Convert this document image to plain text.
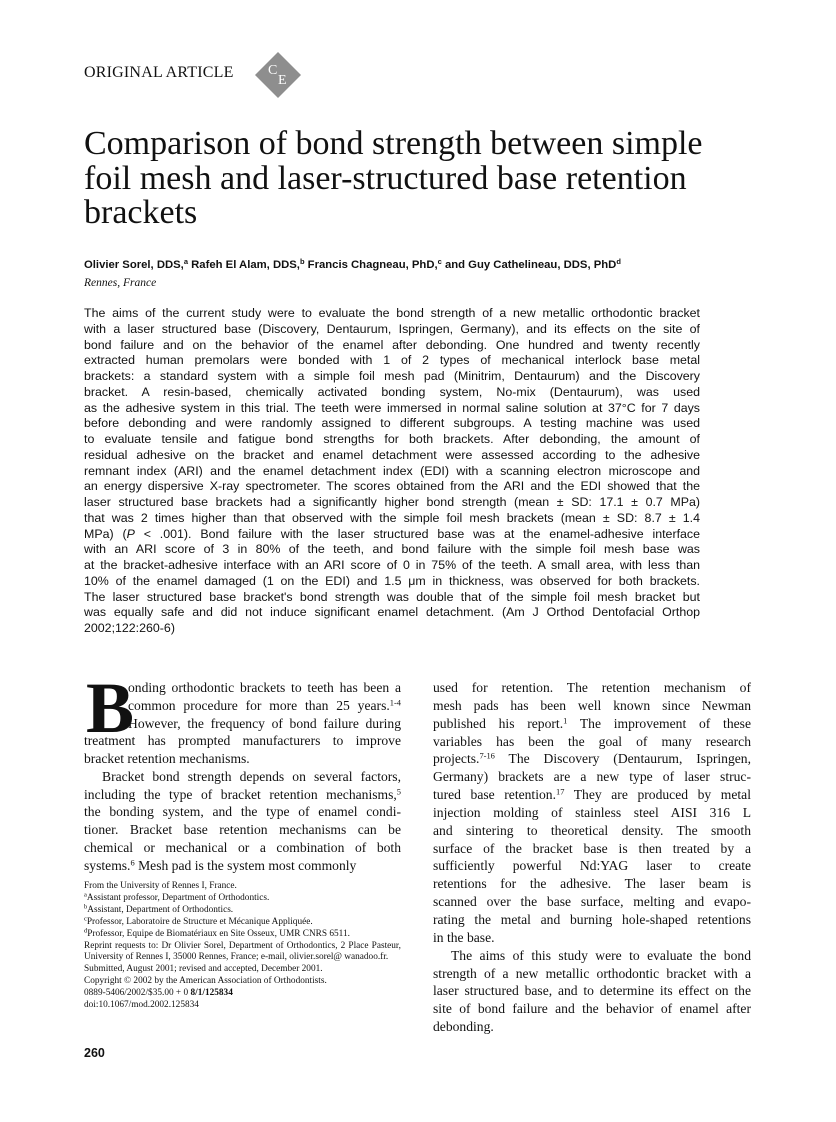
ORIGINAL ARTICLE C
E
Comparison of bond strength between simple
foil mesh and laser-structured base retention
brackets
Olivier Sorel, DDS,$^a$ Rafeh El Alam, DDS,$^b$ Francis Chagneau, PhD,$^c$ and Guy Cathelineau, DDS, PhD$^d$
Rennes, France
The aims of the current study were to evaluate the bond strength of a new metallic orthodontic bracket
with a laser structured base (Discovery, Dentaurum, Ispringen, Germany), and its effects on the site of
bond failure and on the behavior of the enamel after debonding. One hundred and twenty recently
extracted human premolars were bonded with 1 of 2 types of mechanical interlock base metal
brackets: a standard system with a simple foil mesh pad (Minitrim, Dentaurum) and the Discovery
bracket. A resin-based, chemically activated bonding system, No-mix (Dentaurum), was used
as the adhesive system in this trial. The teeth were immersed in normal saline solution at 37°C for 7 days
before debonding and were randomly assigned to different subgroups. A testing machine was used
to evaluate tensile and fatigue bond strengths for both brackets. After debonding, the amount of
residual adhesive on the bracket and enamel detachment were assessed according to the adhesive
remnant index (ARI) and the enamel detachment index (EDI) with a scanning electron microscope and
an energy dispersive X-ray spectrometer. The scores obtained from the ARI and the EDI showed that the
laser structured base brackets had a significantly higher bond strength (mean ± SD: 17.1 ± 0.7 MPa)
that was 2 times higher than that observed with the simple foil mesh brackets (mean ± SD: 8.7 ± 1.4
MPa) (P < .001). Bond failure with the laser structured base was at the enamel-adhesive interface
with an ARI score of 3 in 80% of the teeth, and bond failure with the simple foil mesh base was
at the bracket-adhesive interface with an ARI score of 0 in 75% of the teeth. A small area, with less than
10% of the enamel damaged (1 on the EDI) and 1.5 μm in thickness, was observed for both brackets.
The laser structured base bracket's bond strength was double that of the simple foil mesh bracket but
was equally safe and did not induce significant enamel detachment. (Am J Orthod Dentofacial Orthop
2002;122:260-6)
B
onding orthodontic brackets to teeth has been a
common procedure for more than 25 years.$^{1-4}$
However, the frequency of bond failure during
treatment has prompted manufacturers to improve
bracket retention mechanisms.
Bracket bond strength depends on several factors,
including the type of bracket retention mechanisms,$^5$
the bonding system, and the type of enamel condi-
tioner. Bracket base retention mechanisms can be
chemical or mechanical or a combination of both
systems.$^6$ Mesh pad is the system most commonly
used for retention. The retention mechanism of
mesh pads has been well known since Newman
published his report.$^1$ The improvement of these
variables has been the goal of many research
projects.$^{7-16}$ The Discovery (Dentaurum, Ispringen,
Germany) brackets are a new type of laser struc-
tured base retention.$^{17}$ They are produced by metal
injection molding of stainless steel AISI 316 L
and sintering to theoretical density. The smooth
surface of the bracket base is then treated by a
sufficiently powerful Nd:YAG laser to create
retentions for the adhesive. The laser beam is
scanned over the base surface, melting and evapo-
rating the metal and burning hole-shaped retentions
in the base.
The aims of this study were to evaluate the bond
strength of a new metallic orthodontic bracket with a
laser structured base, and to determine its effect on the
site of bond failure and the behavior of enamel after
debonding.
From the University of Rennes I, France.
$^a$Assistant professor, Department of Orthodontics.
$^b$Assistant, Department of Orthodontics.
$^c$Professor, Laboratoire de Structure et Mécanique Appliquée.
$^d$Professor, Equipe de Biomatériaux en Site Osseux, UMR CNRS 6511.
Reprint requests to: Dr Olivier Sorel, Department of Orthodontics, 2 Place Pasteur, University of Rennes I, 35000 Rennes, France; e-mail, olivier.sorel@ wanadoo.fr.
Submitted, August 2001; revised and accepted, December 2001.
Copyright © 2002 by the American Association of Orthodontists.
0889-5406/2002/$35.00 + 0 8/1/125834
doi:10.1067/mod.2002.125834
260
